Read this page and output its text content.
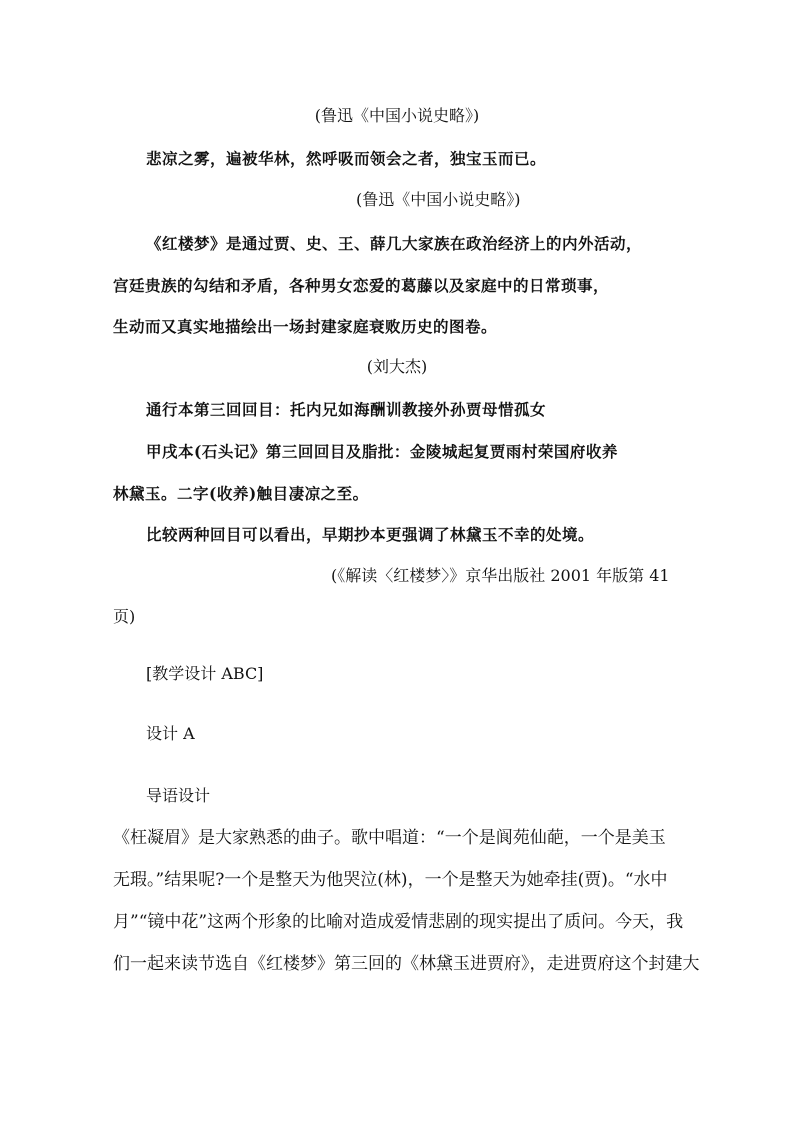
(鲁迅《中国小说史略》)
悲凉之雾，遍被华林，然呼吸而领会之者，独宝玉而已。
(鲁迅《中国小说史略》)
《红楼梦》是通过贾、史、王、薛几大家族在政治经济上的内外活动，
宫廷贵族的勾结和矛盾，各种男女恋爱的葛藤以及家庭中的日常琐事，
生动而又真实地描绘出一场封建家庭衰败历史的图卷。
(刘大杰)
通行本第三回回目：托内兄如海酬训教接外孙贾母惜孤女
甲戌本(石头记》第三回回目及脂批：金陵城起复贾雨村荣国府收养
林黛玉。二字(收养)触目凄凉之至。
比较两种回目可以看出，早期抄本更强调了林黛玉不幸的处境。
(《解读〈红楼梦〉》京华出版社 2001 年版第 41
页)
[教学设计 ABC]
设计 A
导语设计
《枉凝眉》是大家熟悉的曲子。歌中唱道：“一个是阆苑仙葩，一个是美玉
无瑕。”结果呢?一个是整天为他哭泣(林)，一个是整天为她牵挂(贾)。“水中
月”“镜中花”这两个形象的比喻对造成爱情悲剧的现实提出了质问。今天，我
们一起来读节选自《红楼梦》第三回的《林黛玉进贾府》，走进贾府这个封建大
